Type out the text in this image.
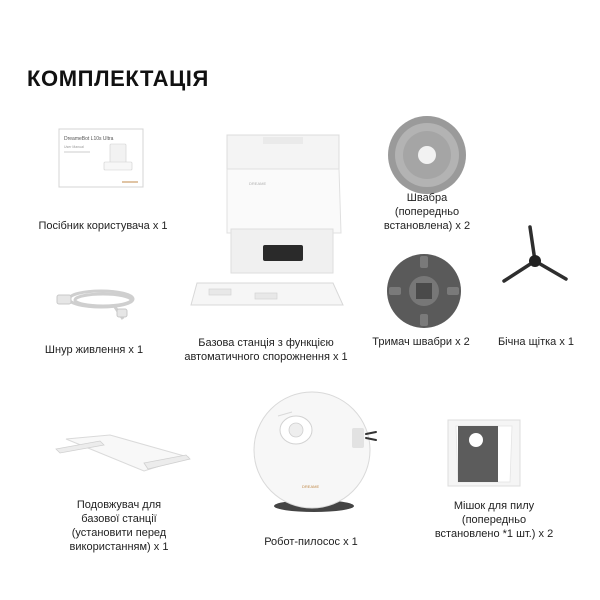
КОМПЛЕКТАЦІЯ
DreameBot L10s Ultra
User Manual
Посібник користувача x 1
DREAME
Базова станція з функцією
автоматичного спорожнення x 1
Швабра
(попередньо
встановлена) x 2
Тримач швабри x 2	Бічна щітка x 1
Шнур живлення x 1
Подовжувач для
базової станції
(установити перед
використанням) x 1
DREAME
Робот-пилосос x 1
Мішок для пилу
(попередньо
встановлено *1 шт.) x 2
